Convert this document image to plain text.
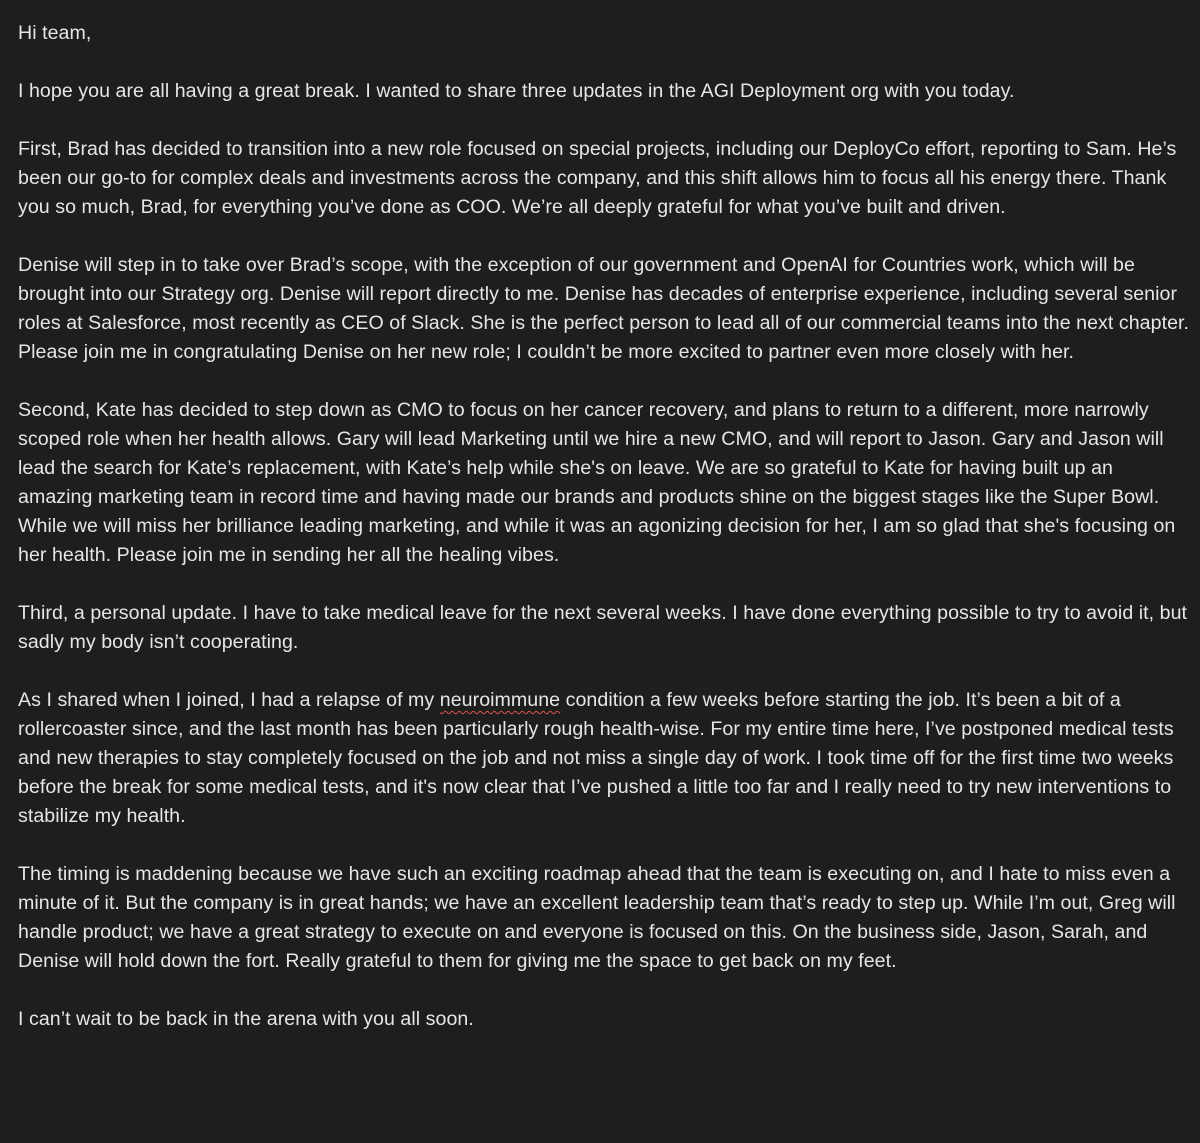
Hi team,

I hope you are all having a great break. I wanted to share three updates in the AGI Deployment org with you today.

First, Brad has decided to transition into a new role focused on special projects, including our DeployCo effort, reporting to Sam. He’s been our go-to for complex deals and investments across the company, and this shift allows him to focus all his energy there. Thank you so much, Brad, for everything you’ve done as COO. We’re all deeply grateful for what you’ve built and driven.

Denise will step in to take over Brad’s scope, with the exception of our government and OpenAI for Countries work, which will be brought into our Strategy org. Denise will report directly to me. Denise has decades of enterprise experience, including several senior roles at Salesforce, most recently as CEO of Slack. She is the perfect person to lead all of our commercial teams into the next chapter. Please join me in congratulating Denise on her new role; I couldn’t be more excited to partner even more closely with her.

Second, Kate has decided to step down as CMO to focus on her cancer recovery, and plans to return to a different, more narrowly scoped role when her health allows. Gary will lead Marketing until we hire a new CMO, and will report to Jason. Gary and Jason will lead the search for Kate’s replacement, with Kate’s help while she's on leave. We are so grateful to Kate for having built up an amazing marketing team in record time and having made our brands and products shine on the biggest stages like the Super Bowl. While we will miss her brilliance leading marketing, and while it was an agonizing decision for her, I am so glad that she's focusing on her health. Please join me in sending her all the healing vibes.

Third, a personal update. I have to take medical leave for the next several weeks. I have done everything possible to try to avoid it, but sadly my body isn’t cooperating.

As I shared when I joined, I had a relapse of my neuroimmune condition a few weeks before starting the job. It’s been a bit of a rollercoaster since, and the last month has been particularly rough health-wise. For my entire time here, I’ve postponed medical tests and new therapies to stay completely focused on the job and not miss a single day of work. I took time off for the first time two weeks before the break for some medical tests, and it's now clear that I’ve pushed a little too far and I really need to try new interventions to stabilize my health.

The timing is maddening because we have such an exciting roadmap ahead that the team is executing on, and I hate to miss even a minute of it. But the company is in great hands; we have an excellent leadership team that’s ready to step up. While I’m out, Greg will handle product; we have a great strategy to execute on and everyone is focused on this. On the business side, Jason, Sarah, and Denise will hold down the fort. Really grateful to them for giving me the space to get back on my feet.

I can’t wait to be back in the arena with you all soon.
